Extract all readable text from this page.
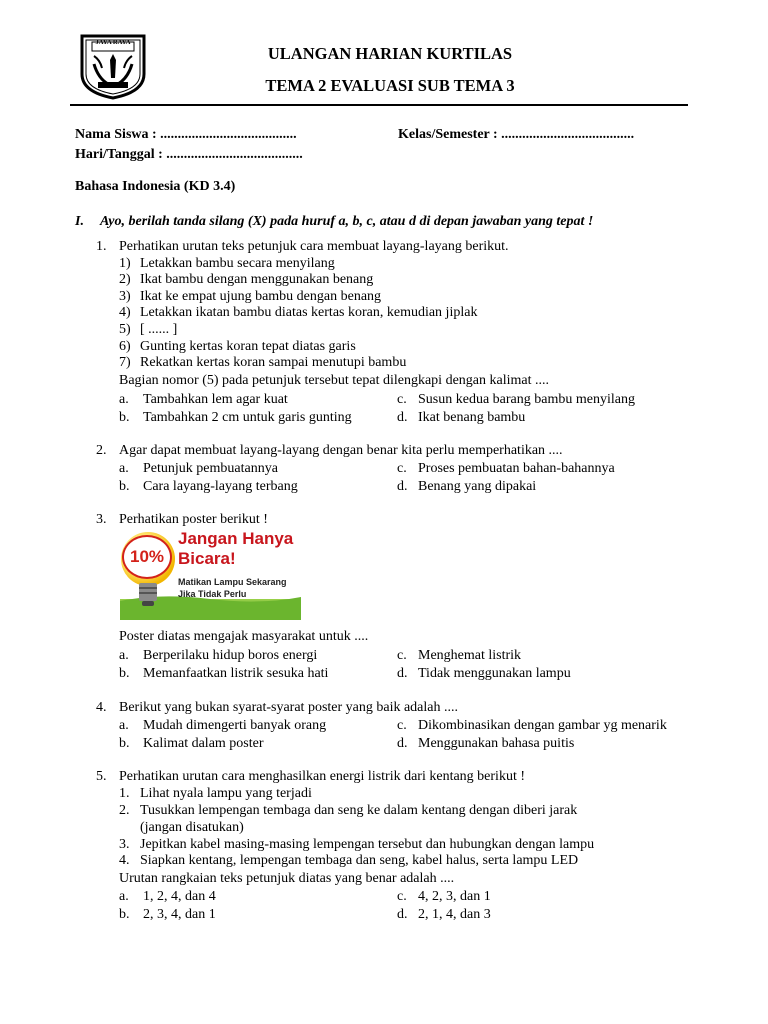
JAYA RAYA
ULANGAN HARIAN KURTILAS
TEMA 2 EVALUASI SUB TEMA 3
Nama Siswa : .......................................	Kelas/Semester : ......................................
Hari/Tanggal : .......................................
Bahasa Indonesia (KD 3.4)
I. Ayo, berilah tanda silang (X) pada huruf a, b, c, atau d di depan jawaban yang tepat !
1. Perhatikan urutan teks petunjuk cara membuat layang-layang berikut.
1) Letakkan bambu secara menyilang
2) Ikat bambu dengan menggunakan benang
3) Ikat ke empat ujung bambu dengan benang
4) Letakkan ikatan bambu diatas kertas koran, kemudian jiplak
5) [ ...... ]
6) Gunting kertas koran tepat diatas garis
7) Rekatkan kertas koran sampai menutupi bambu
Bagian nomor (5) pada petunjuk tersebut tepat dilengkapi dengan kalimat ....
a. Tambahkan lem agar kuat	c. Susun kedua barang bambu menyilang
b. Tambahkan 2 cm untuk garis gunting	d. Ikat benang bambu
2. Agar dapat membuat layang-layang dengan benar kita perlu memperhatikan ....
a. Petunjuk pembuatannya	c. Proses pembuatan bahan-bahannya
b. Cara layang-layang terbang	d. Benang yang dipakai
3. Perhatikan poster berikut !
10%
Jangan Hanya
Bicara!
Matikan Lampu Sekarang
Jika Tidak Perlu
Poster diatas mengajak masyarakat untuk ....
a. Berperilaku hidup boros energi	c. Menghemat listrik
b. Memanfaatkan listrik sesuka hati	d. Tidak menggunakan lampu
4. Berikut yang bukan syarat-syarat poster yang baik adalah ....
a. Mudah dimengerti banyak orang	c. Dikombinasikan dengan gambar yg menarik
b. Kalimat dalam poster	d. Menggunakan bahasa puitis
5. Perhatikan urutan cara menghasilkan energi listrik dari kentang berikut !
1. Lihat nyala lampu yang terjadi
2. Tusukkan lempengan tembaga dan seng ke dalam kentang dengan diberi jarak
(jangan disatukan)
3. Jepitkan kabel masing-masing lempengan tersebut dan hubungkan dengan lampu
4. Siapkan kentang, lempengan tembaga dan seng, kabel halus, serta lampu LED
Urutan rangkaian teks petunjuk diatas yang benar adalah ....
a. 1, 2, 4, dan 4	c. 4, 2, 3, dan 1
b. 2, 3, 4, dan 1	d. 2, 1, 4, dan 3
